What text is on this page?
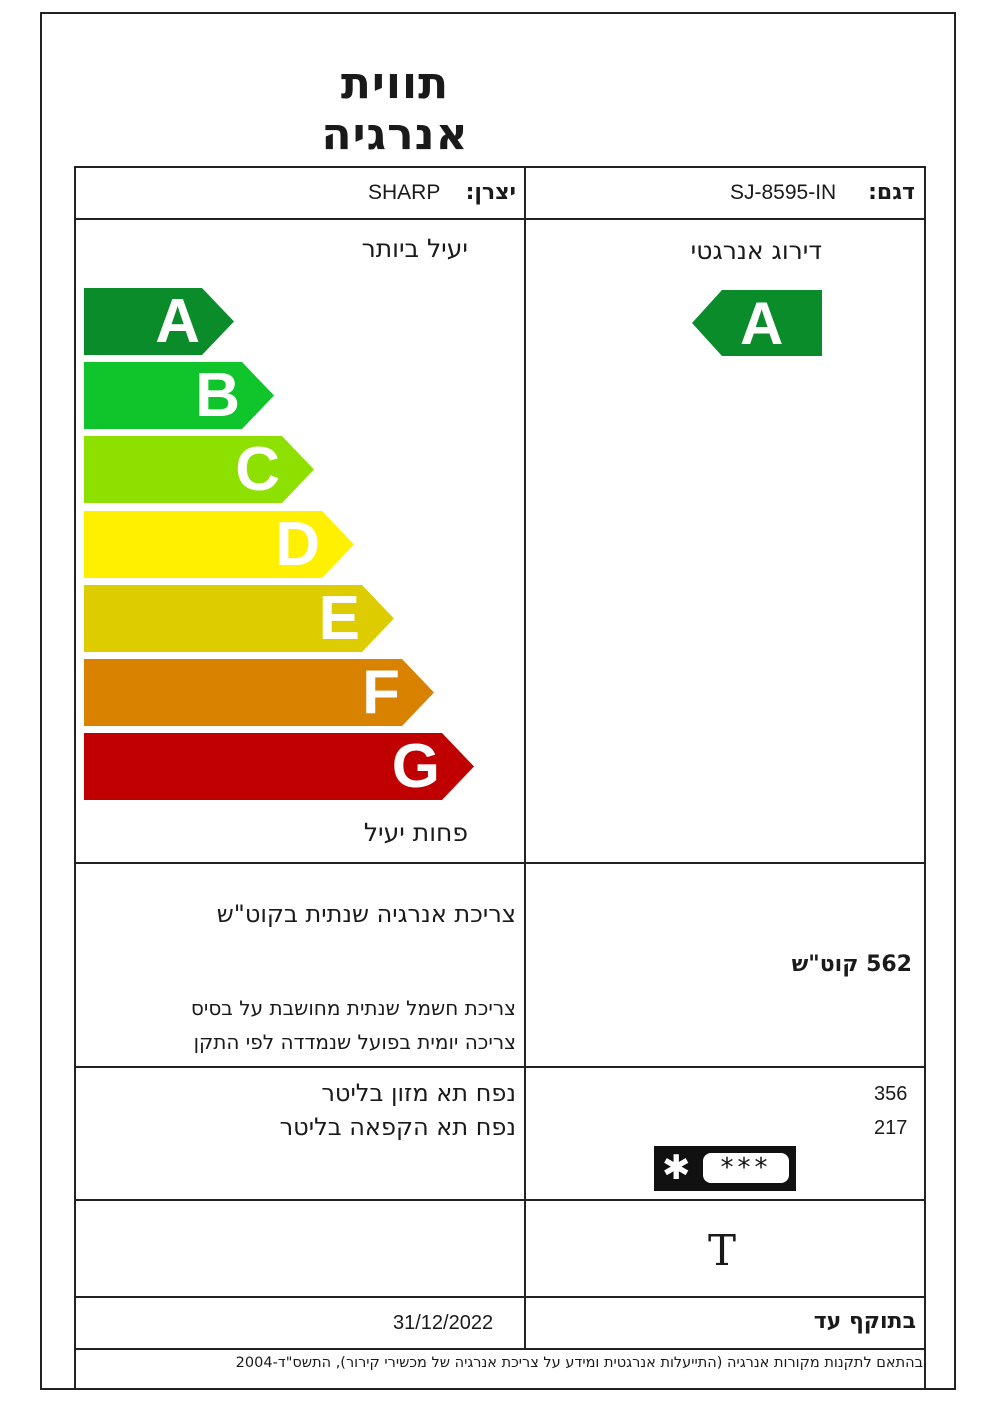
תווית אנרגיה
דגם:
SJ-8595-IN
יצרן:
SHARP
יעיל ביותר
A
B
C
D
E
F
G
פחות יעיל
דירוג אנרגטי
A
צריכת אנרגיה שנתית בקוט"ש
562 קוט"ש
צריכת חשמל שנתית מחושבת על בסיס
צריכה יומית בפועל שנמדדה לפי התקן
נפח תא מזון בליטר	356
נפח תא הקפאה בליטר	217
✱	***
T
בתוקף עד
31/12/2022
בהתאם לתקנות מקורות אנרגיה (התייעלות אנרגטית ומידע על צריכת אנרגיה של מכשירי קירור), התשס"ד-2004
